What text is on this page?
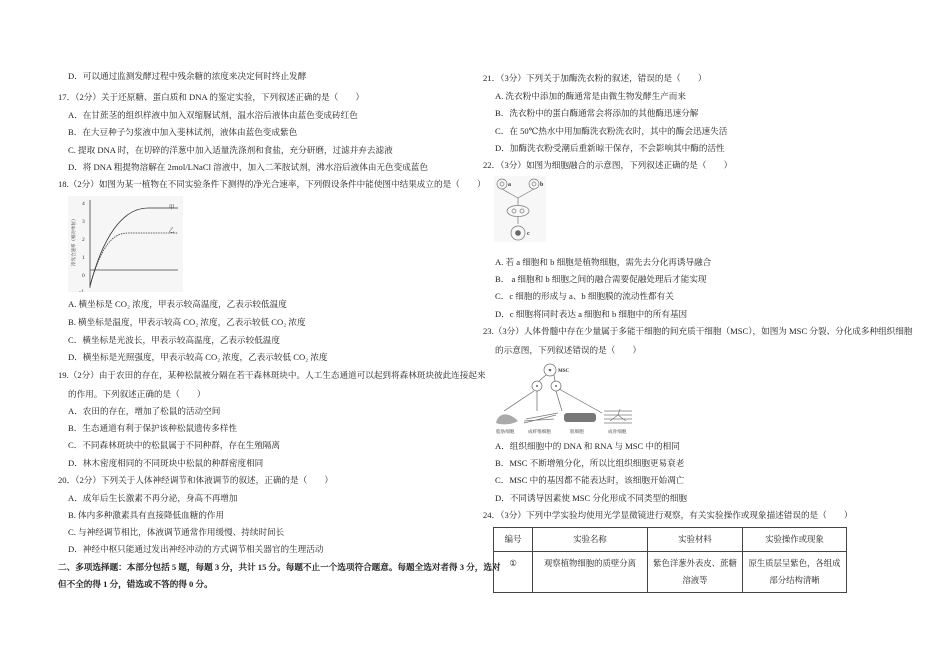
D．可以通过监测发酵过程中残余糖的浓度来决定何时终止发酵
17．（2分）关于还原糖、蛋白质和 DNA 的鉴定实验，下列叙述正确的是（　　）
A．在甘蔗茎的组织样液中加入双缩脲试剂，温水浴后液体由蓝色变成砖红色
B．在大豆种子匀浆液中加入斐林试剂，液体由蓝色变成紫色
C. 提取 DNA 时，在切碎的洋葱中加入适量洗涤剂和食盐，充分研磨，过滤并弃去滤液
D．将 DNA 粗提物溶解在 2mol/LNaCl 溶液中，加入二苯胺试剂，沸水浴后液体由无色变成蓝色
18.（2分）如图为某一植物在不同实验条件下测得的净光合速率，下列假设条件中能使图中结果成立的是（　　）
4
3
2
1
0
-1
甲
乙
净光合速率（相对单位）
A. 横坐标是 CO₂ 浓度，甲表示较高温度，乙表示较低温度
B. 横坐标是温度，甲表示较高 CO₂ 浓度，乙表示较低 CO₂ 浓度
C．横坐标是光波长，甲表示较高温度，乙表示较低温度
D．横坐标是光照强度，甲表示较高 CO₂ 浓度，乙表示较低 CO₂ 浓度
19.（2分）由于农田的存在，某种松鼠被分隔在若干森林斑块中。人工生态通道可以起到将森林斑块彼此连接起来
的作用。下列叙述正确的是（　　）
A．农田的存在，增加了松鼠的活动空间
B．生态通道有利于保护该种松鼠遗传多样性
C．不同森林斑块中的松鼠属于不同种群，存在生殖隔离
D．林木密度相同的不同斑块中松鼠的种群密度相同
20．（2分）下列关于人体神经调节和体液调节的叙述，正确的是（　　）
A．成年后生长激素不再分泌，身高不再增加
B. 体内多种激素具有直接降低血糖的作用
C. 与神经调节相比，体液调节通常作用缓慢、持续时间长
D．神经中枢只能通过发出神经冲动的方式调节相关器官的生理活动
二、多项选择题：本部分包括 5 题，每题 3 分，共计 15 分。每题不止一个选项符合题意。每题全选对者得 3 分，选对
但不全的得 1 分，错选或不答的得 0 分。
21．（3分）下列关于加酶洗衣粉的叙述，错误的是（　　）
A. 洗衣粉中添加的酶通常是由微生物发酵生产而来
B．洗衣粉中的蛋白酶通常会将添加的其他酶迅速分解
C．在 50℃热水中用加酶洗衣粉洗衣时，其中的酶会迅速失活
D．加酶洗衣粉受潮后重新晾干保存，不会影响其中酶的活性
22．（3分）如图为细胞融合的示意图，下列叙述正确的是（　　）
a	b
c
A. 若 a 细胞和 b 细胞是植物细胞，需先去分化再诱导融合
B． a 细胞和 b 细胞之间的融合需要促融处理后才能实现
C．c 细胞的形成与 a、b 细胞膜的流动性都有关
D．c 细胞将同时表达 a 细胞和 b 细胞中的所有基因
23.（3分）人体骨髓中存在少量属于多能干细胞的间充质干细胞（MSC），如图为 MSC 分裂、分化成多种组织细胞
的示意图，下列叙述错误的是（　　）
MSC
脂肪细胞	成纤维细胞	肌细胞	成骨细胞
A．组织细胞中的 DNA 和 RNA 与 MSC 中的相同
B．MSC 不断增殖分化，所以比组织细胞更易衰老
C．MSC 中的基因都不能表达时，该细胞开始凋亡
D．不同诱导因素使 MSC 分化形成不同类型的细胞
24．（3分）下列中学实验均使用光学显微镜进行观察，有关实验操作或现象描述错误的是（　　）
编号	实验名称	实验材料	实验操作或现象
①	观察植物细胞的质壁分离	紫色洋葱外表皮、蔗糖溶液等	原生质层呈紫色，各组成部分结构清晰
